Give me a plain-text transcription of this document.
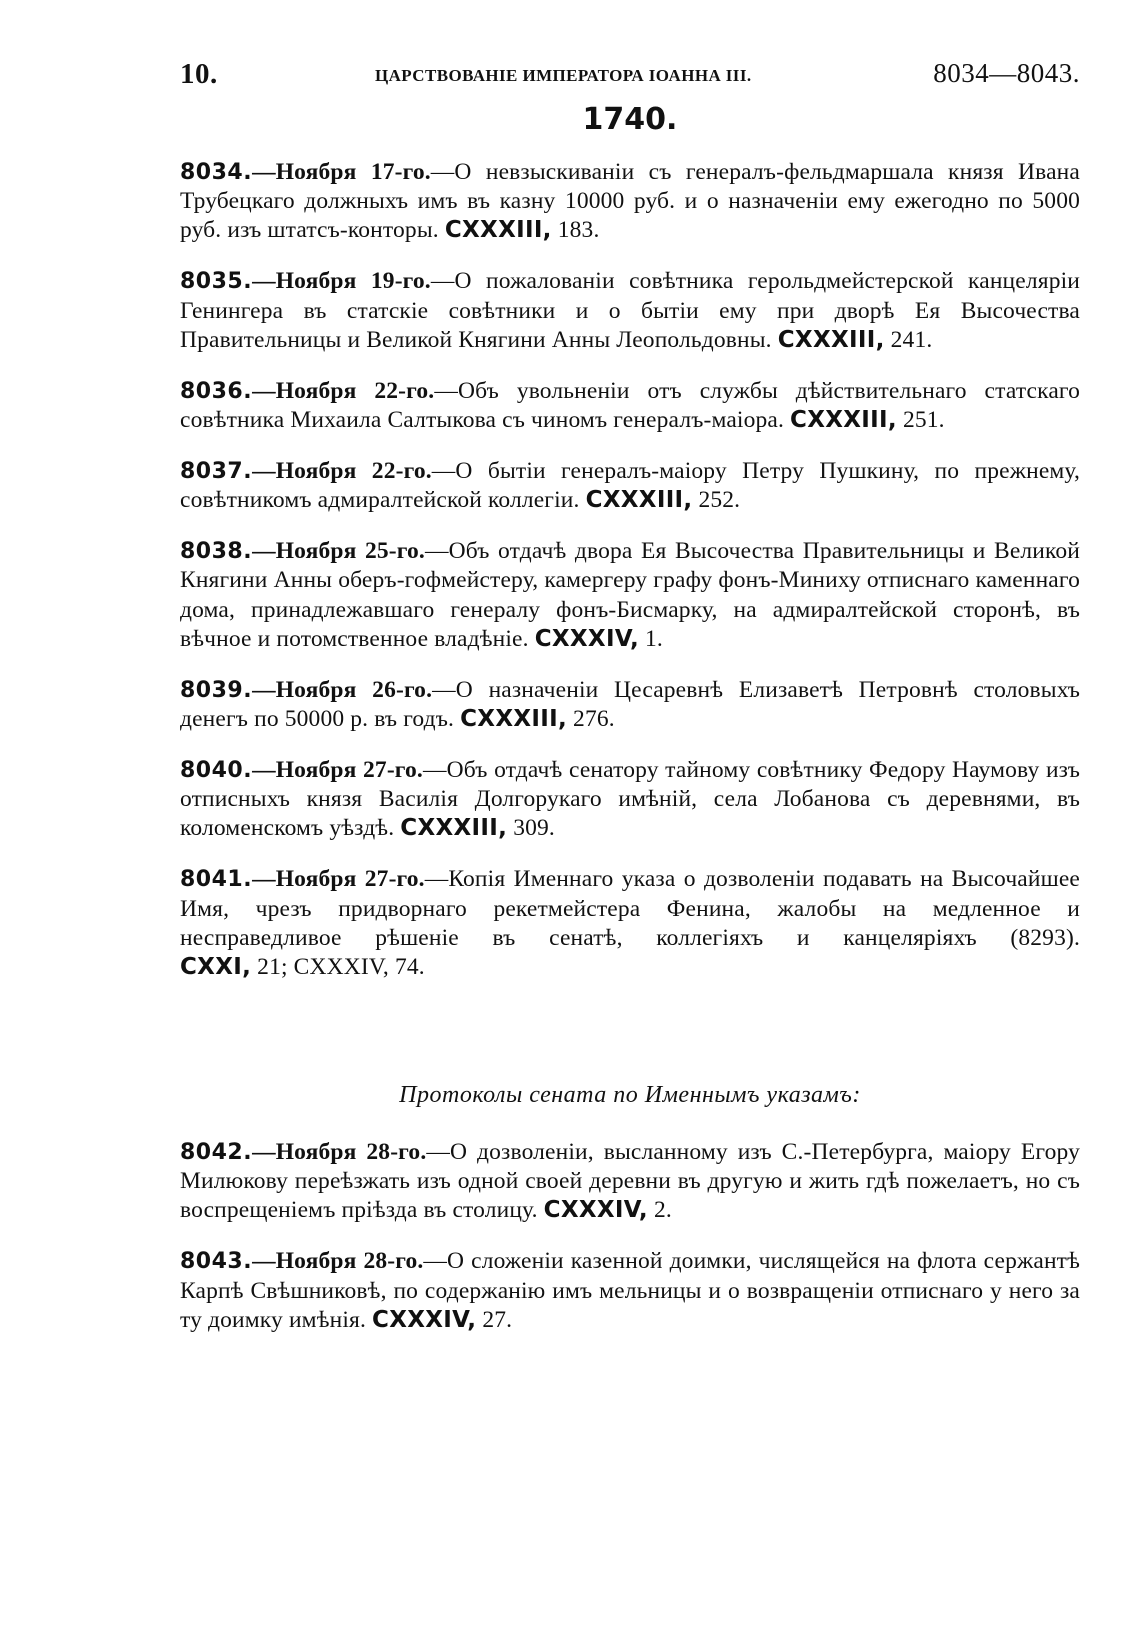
10.	ЦАРСТВОВАНІЕ ИМПЕРАТОРА ІОАННА III.	8034—8043.
1740.

8034.—Ноября 17-го.—О невзыскиваніи съ генералъ-фельдмаршала князя Ивана Трубецкаго должныхъ имъ въ казну 10000 руб. и о назначеніи ему ежегодно по 5000 руб. изъ штатсъ-конторы. CXXXIII, 183.

8035.—Ноября 19-го.—О пожалованіи совѣтника герольдмейстерской канцеляріи Генингера въ статскіе совѣтники и о бытіи ему при дворѣ Ея Высочества Правительницы и Великой Княгини Анны Леопольдовны. CXXXIII, 241.

8036.—Ноября 22-го.—Объ увольненіи отъ службы дѣйствительнаго статскаго совѣтника Михаила Салтыкова съ чиномъ генералъ-маіора. CXXXIII, 251.

8037.—Ноября 22-го.—О бытіи генералъ-маіору Петру Пушкину, по прежнему, совѣтникомъ адмиралтейской коллегіи. CXXXIII, 252.

8038.—Ноября 25-го.—Объ отдачѣ двора Ея Высочества Правительницы и Великой Княгини Анны оберъ-гофмейстеру, камергеру графу фонъ-Миниху отписнаго каменнаго дома, принадлежавшаго генералу фонъ-Бисмарку, на адмиралтейской сторонѣ, въ вѣчное и потомственное владѣніе. CXXXIV, 1.

8039.—Ноября 26-го.—О назначеніи Цесаревнѣ Елизаветѣ Петровнѣ столовыхъ денегъ по 50000 р. въ годъ. CXXXIII, 276.

8040.—Ноября 27-го.—Объ отдачѣ сенатору тайному совѣтнику Федору Наумову изъ отписныхъ князя Василія Долгорукаго имѣній, села Лобанова съ деревнями, въ коломенскомъ уѣздѣ. CXXXIII, 309.

8041.—Ноября 27-го.—Копія Именнаго указа о дозволеніи подавать на Высочайшее Имя, чрезъ придворнаго рекетмейстера Фенина, жалобы на медленное и несправедливое рѣшеніе въ сенатѣ, коллегіяхъ и канцеляріяхъ (8293). CXXI, 21; CXXXIV, 74.

Протоколы сената по Именнымъ указамъ:

8042.—Ноября 28-го.—О дозволеніи, высланному изъ С.-Петербурга, маіору Егору Милюкову переѣзжать изъ одной своей деревни въ другую и жить гдѣ пожелаетъ, но съ воспрещеніемъ пріѣзда въ столицу. CXXXIV, 2.

8043.—Ноября 28-го.—О сложеніи казенной доимки, числящейся на флота сержантѣ Карпѣ Свѣшниковѣ, по содержанію имъ мельницы и о возвращеніи отписнаго у него за ту доимку имѣнія. CXXXIV, 27.
